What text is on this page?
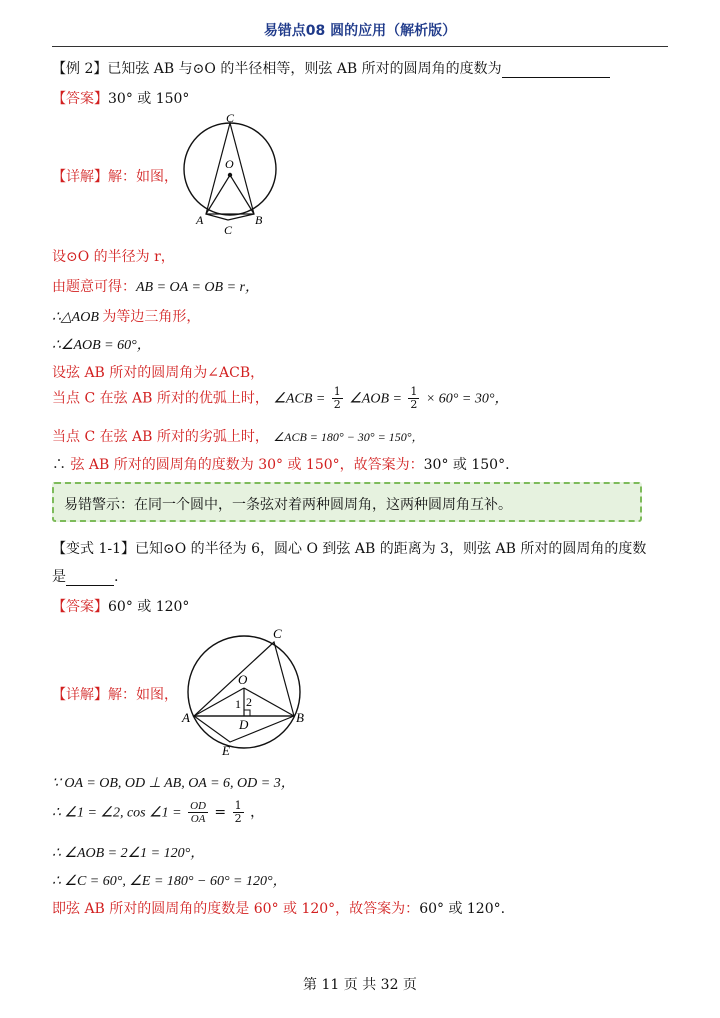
易错点08 圆的应用（解析版）
【例 2】已知弦 AB 与⊙O 的半径相等，则弦 AB 所对的圆周角的度数为
【答案】30° 或 150°
【详解】解：如图，
C
O
A	B
C
设⊙O 的半径为 r，
由题意可得：AB = OA = OB = r，
∴△AOB 为等边三角形，
∴∠AOB = 60°，
设弦 AB 所对的圆周角为∠ACB，
当点 C 在弦 AB 所对的优弧上时， ∠ACB = $\frac{1}{2}$ ∠AOB = $\frac{1}{2} \times 60^\circ = 30^\circ$，
当点 C 在弦 AB 所对的劣弧上时， ∠ACB = 180° − 30° = 150°，
∴ 弦 AB 所对的圆周角的度数为 30° 或 150°，故答案为：30° 或 150°.
易错警示：在同一个圆中，一条弦对着两种圆周角，这两种圆周角互补。
【变式 1-1】已知⊙O 的半径为 6，圆心 O 到弦 AB 的距离为 3，则弦 AB 所对的圆周角的度数
是	.
【答案】60° 或 120°
【详解】解：如图，
C
O
1 2
A	B
D
E
∵ OA = OB, OD ⊥ AB, OA = 6, OD = 3，
∴ ∠1 = ∠2, cos ∠1 = $\frac{OD}{OA} = \frac{1}{2}$ ，
∴ ∠AOB = 2∠1 = 120°，
∴ ∠C = 60°, ∠E = 180° − 60° = 120°，
即弦 AB 所对的圆周角的度数是 60° 或 120°，故答案为：60° 或 120°.
第 11 页 共 32 页
